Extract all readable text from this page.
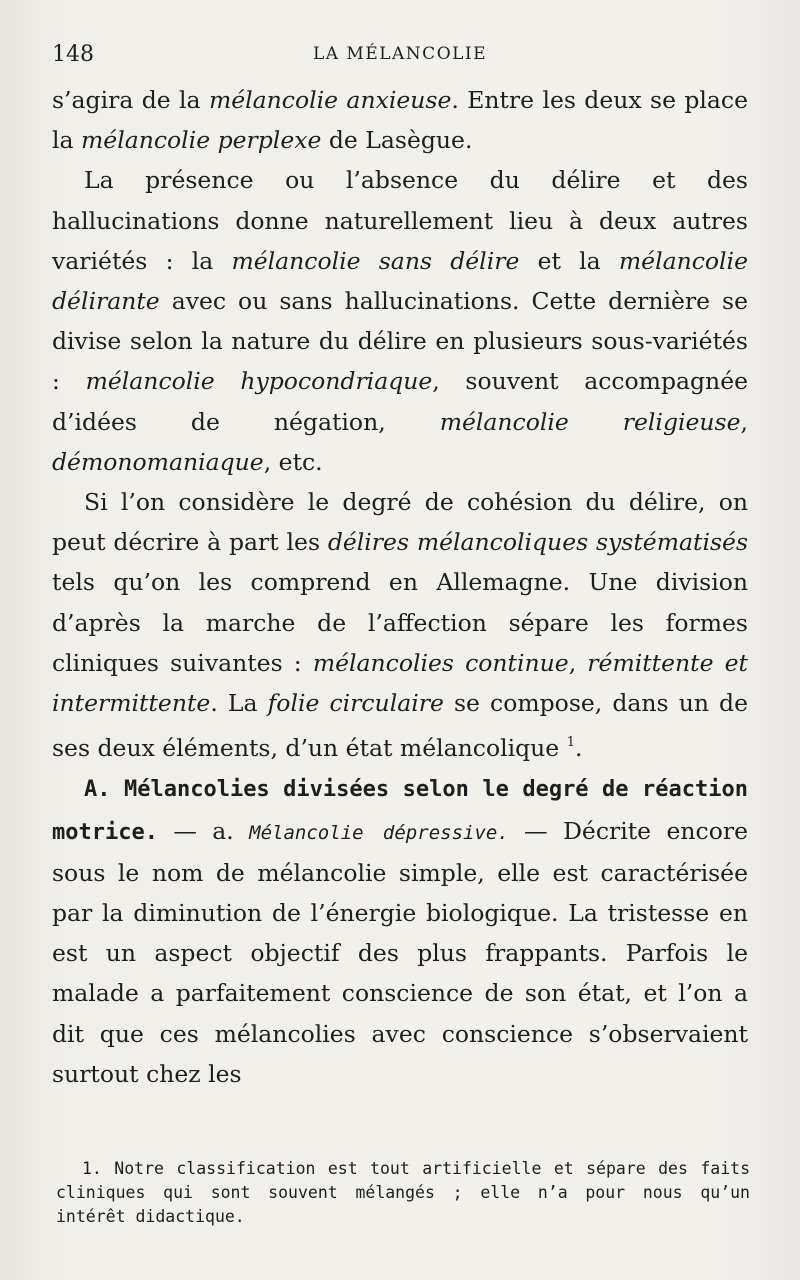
148	LA MÉLANCOLIE

s’agira de la mélancolie anxieuse. Entre les deux se place la mélancolie perplexe de Lasègue.

La présence ou l’absence du délire et des hallucinations donne naturellement lieu à deux autres variétés : la mélancolie sans délire et la mélancolie délirante avec ou sans hallucinations. Cette dernière se divise selon la nature du délire en plusieurs sous-variétés : mélancolie hypocondriaque, souvent accompagnée d’idées de négation, mélancolie religieuse, démonomaniaque, etc.

Si l’on considère le degré de cohésion du délire, on peut décrire à part les délires mélancoliques systématisés tels qu’on les comprend en Allemagne. Une division d’après la marche de l’affection sépare les formes cliniques suivantes : mélancolies continue, rémittente et intermittente. La folie circulaire se compose, dans un de ses deux éléments, d’un état mélancolique $^1$.

A. Mélancolies divisées selon le degré de réaction motrice. — a. Mélancolie dépressive. — Décrite encore sous le nom de mélancolie simple, elle est caractérisée par la diminution de l’énergie biologique. La tristesse en est un aspect objectif des plus frappants. Parfois le malade a parfaitement conscience de son état, et l’on a dit que ces mélancolies avec conscience s’observaient surtout chez les

1. Notre classification est tout artificielle et sépare des faits cliniques qui sont souvent mélangés ; elle n’a pour nous qu’un intérêt didactique.
